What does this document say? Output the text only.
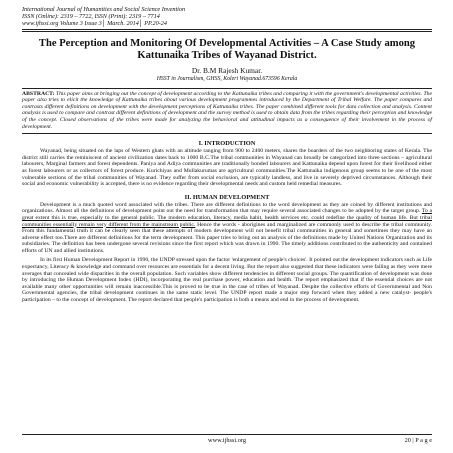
International Journal of Humanities and Social Science Invention
ISSN (Online): 2319 – 7722, ISSN (Print): 2319 – 7714
www.ijhssi.org Volume 3 Issue 3│ March. 2014│ PP.20-24
The Perception and Monitoring Of Developmental Activities – A Case Study among Kattunaika Tribes of Wayanad District.
Dr. B.M Rajesh Kumar.
HSST in Journalism, GHSS, Koleri Wayanad.673596 Kerala

ABSTRACT: This paper aims at bringing out the concept of development according to the Kattunaika tribes and comparing it with the government's developmental activities. The paper also tries to elicit the knowledge of Kattunaika tribes about various development programmes introduced by the Department of Tribal Welfare. The paper compares and contrasts different definitions on development with the development perceptions of Kattunaika tribes. The paper combined different tools for data collection and analysis. Content analysis is used to compare and contrast different definitions of development and the survey method is used to obtain data from the tribes regarding their perception and knowledge of the concept. Closed observations of the tribes were made for analyzing the behavioral and attitudinal impacts as a consequence of their involvement in the process of development.

I. INTRODUCTION

Wayanad, being situated on the laps of Western ghats with an altitude ranging from 900 to 2400 meters, shares the boarders of the two neighboring states of Kerala. The district still carries the reminiscent of ancient civilization dates back to 1000 B.C.The tribal communities in Wayanad can broadly be categorized into three sections – agricultural labourers, Marginal farmers and forest dependents. Paniya and Adiya communities are traditionally bonded labourers and Kattunaika depend upon forest for their livelihood either as forest labourers or as collectors of forest produce. Kurichiyas and Mullakurumas are agricultural communities.The Kattunaika indigenous group seems to be one of the most vulnerable sections of the tribal communities of Wayanad. They suffer from social exclusion, are typically landless, and live in severely deprived circumstances. Although their social and economic vulnerability is accepted, there is no evidence regarding their developmental needs and custom held remedial measures.

II. HUMAN DEVELOPMENT

Development is a much quoted word associated with the tribes. There are different definitions to the word development as they are coined by different institutions and organizations. Almost all the definitions of development point out the need for transformation that may require several associated changes to be adopted by the target group. To a great extent this is true, especially to the general public. The modern education, literacy, media habit, health services etc. could redefine the quality of human life. But tribal communities essentially remain very different from the mainstream public. Hence the words - aborigines and marginalized are commonly used to describe the tribal community. From this fundamental truth it can be clearly seen that these attempts of modern development will not benefit tribal communities in general and sometimes they may have an adverse effect too.There are different definitions for the term development. This paper tries to bring out an analysis of the definitions made by United Nations Organization and its subsidiaries. The definition has been undergone several revisions since the first report which was drawn in 1990. The timely additions contributed to the authenticity and contained efforts of UN and allied institutions.

In its first Human Development Report in 1990, the UNDP stressed upon the factor 'enlargement of people's choices'. It pointed out the development indicators such as Life expectancy, Literacy & knowledge and command over resources are essentials for a decent living. But the report also suggested that these indicators were failing as they were mere averages that concealed wide disparities in the overall population. Such variables show different tendencies in different social groups. The quantification of development was done by introducing the Human Development Index (HDI), incorporating the real purchase power, education and health. The report emphasized that if the essential choices are not available many other opportunities will remain inaccessible.This is proved to be true in the case of tribes of Wayanad. Despite the collective efforts of Governmental and Non Governmental agencies, the tribal development continues in the same static level. The UNDP report made a major step forward when they added a new catalyst- people's participation – to the concept of development. The report declared that people's participation is both a means and end in the process of development.

www.ijhssi.org	20 | P a g e
